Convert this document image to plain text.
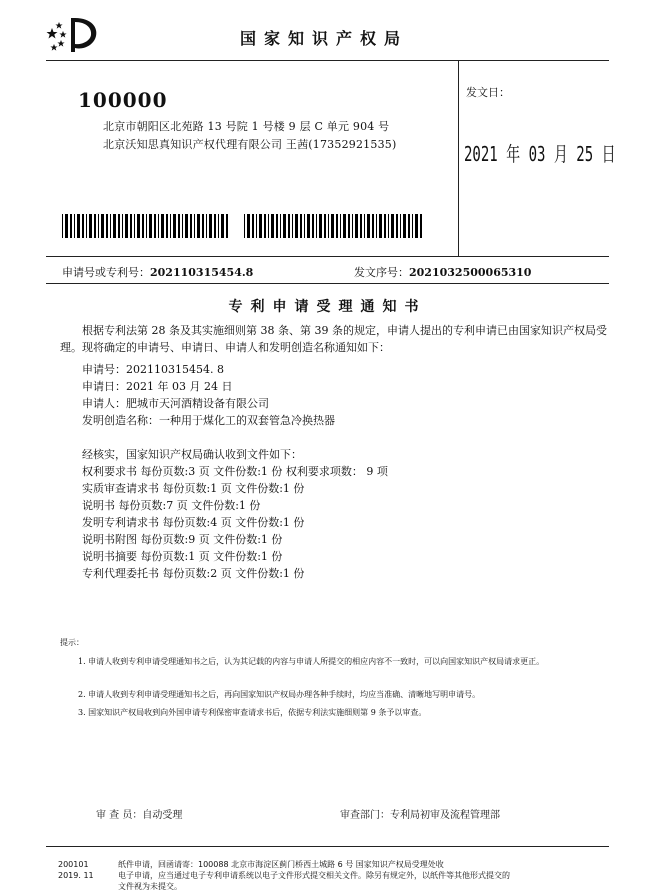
国家知识产权局
100000
北京市朝阳区北苑路 13 号院 1 号楼 9 层 C 单元 904 号
北京沃知思真知识产权代理有限公司 王茜(17352921535)
发文日：
2021 年 03 月 25 日
申请号或专利号：202110315454.8	发文序号：2021032500065310
专利申请受理通知书
根据专利法第 28 条及其实施细则第 38 条、第 39 条的规定，申请人提出的专利申请已由国家知识产权局受理。现将确定的申请号、申请日、申请人和发明创造名称通知如下：
申请号：202110315454. 8
申请日：2021 年 03 月 24 日
申请人：肥城市天河酒精设备有限公司
发明创造名称：一种用于煤化工的双套管急冷换热器
经核实，国家知识产权局确认收到文件如下：
权利要求书 每份页数:3 页 文件份数:1 份 权利要求项数： 9 项
实质审查请求书 每份页数:1 页 文件份数:1 份
说明书 每份页数:7 页 文件份数:1 份
发明专利请求书 每份页数:4 页 文件份数:1 份
说明书附图 每份页数:9 页 文件份数:1 份
说明书摘要 每份页数:1 页 文件份数:1 份
专利代理委托书 每份页数:2 页 文件份数:1 份
提示：
1. 申请人收到专利申请受理通知书之后，认为其记载的内容与申请人所提交的相应内容不一致时，可以向国家知识产权局请求更正。
2. 申请人收到专利申请受理通知书之后，再向国家知识产权局办理各种手续时，均应当准确、清晰地写明申请号。
3. 国家知识产权局收到向外国申请专利保密审查请求书后，依据专利法实施细则第 9 条予以审查。
审 查 员：自动受理	审查部门：专利局初审及流程管理部
200101
2019. 11
纸件申请，回函请寄：100088 北京市海淀区蓟门桥西土城路 6 号 国家知识产权局受理处收
电子申请，应当通过电子专利申请系统以电子文件形式提交相关文件。除另有规定外，以纸件等其他形式提交的
文件视为未提交。
